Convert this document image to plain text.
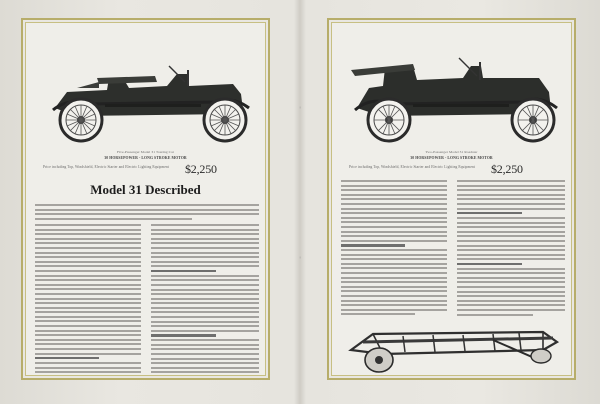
Five-Passenger Model 31 Touring Car
30 HORSEPOWER - LONG STROKE MOTOR
Price including Top, Windshield, Electric Starter and Electric Lighting Equipment	$2,250
Model 31 Described
⁞
⁞
Two-Passenger Model 31 Roadster
30 HORSEPOWER - LONG STROKE MOTOR
Price including Top, Windshield, Electric Starter and Electric Lighting Equipment	$2,250
